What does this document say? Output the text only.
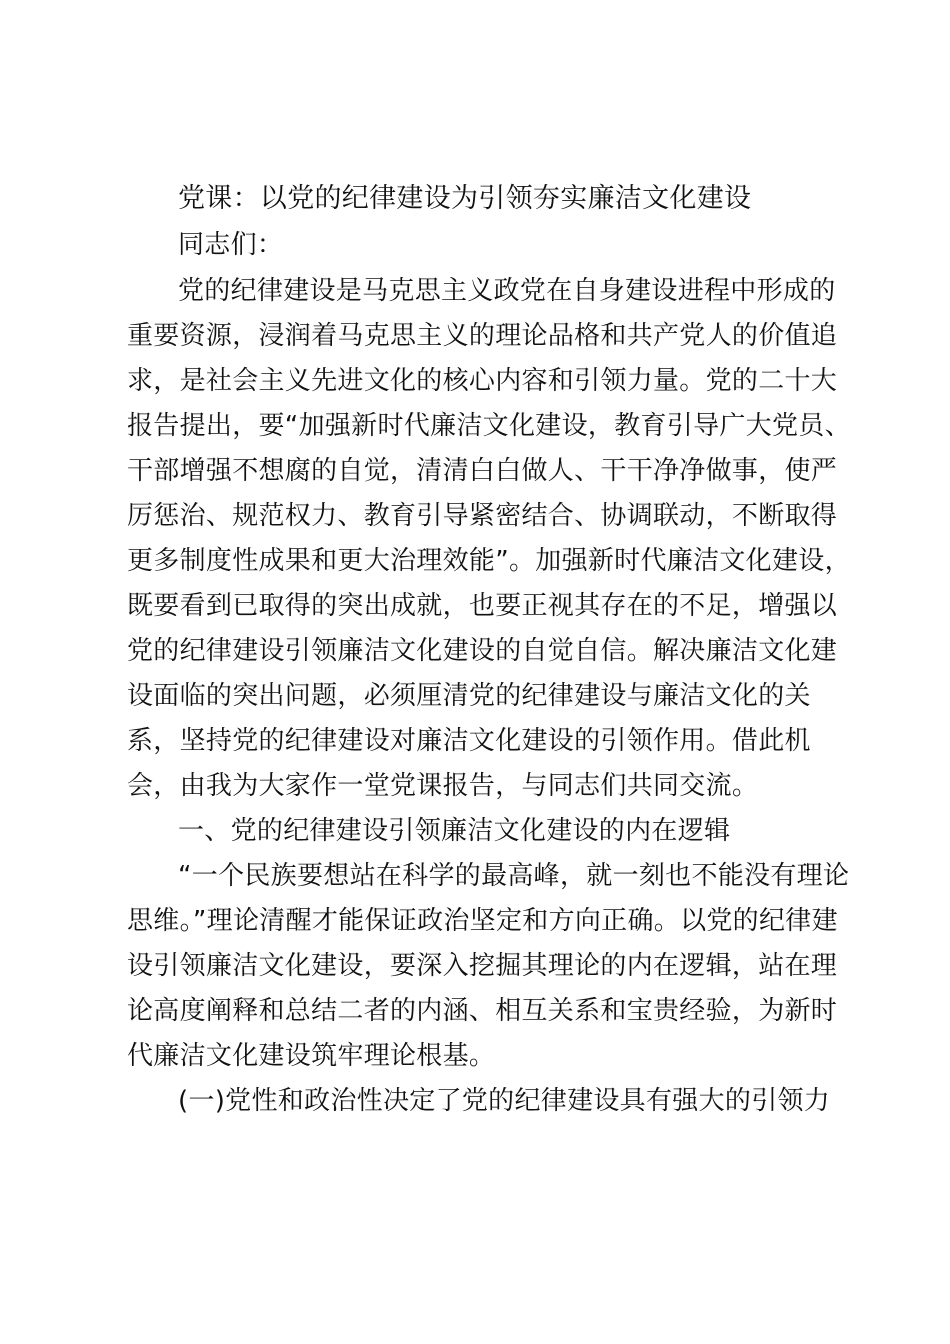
党课：以党的纪律建设为引领夯实廉洁文化建设
同志们：
党的纪律建设是马克思主义政党在自身建设进程中形成的
重要资源，浸润着马克思主义的理论品格和共产党人的价值追
求，是社会主义先进文化的核心内容和引领力量。党的二十大
报告提出，要“加强新时代廉洁文化建设，教育引导广大党员、
干部增强不想腐的自觉，清清白白做人、干干净净做事，使严
厉惩治、规范权力、教育引导紧密结合、协调联动，不断取得
更多制度性成果和更大治理效能”。加强新时代廉洁文化建设，
既要看到已取得的突出成就，也要正视其存在的不足，增强以
党的纪律建设引领廉洁文化建设的自觉自信。解决廉洁文化建
设面临的突出问题，必须厘清党的纪律建设与廉洁文化的关
系，坚持党的纪律建设对廉洁文化建设的引领作用。借此机
会，由我为大家作一堂党课报告，与同志们共同交流。
一、党的纪律建设引领廉洁文化建设的内在逻辑
“一个民族要想站在科学的最高峰，就一刻也不能没有理论
思维。”理论清醒才能保证政治坚定和方向正确。以党的纪律建
设引领廉洁文化建设，要深入挖掘其理论的内在逻辑，站在理
论高度阐释和总结二者的内涵、相互关系和宝贵经验，为新时
代廉洁文化建设筑牢理论根基。
(一)党性和政治性决定了党的纪律建设具有强大的引领力
